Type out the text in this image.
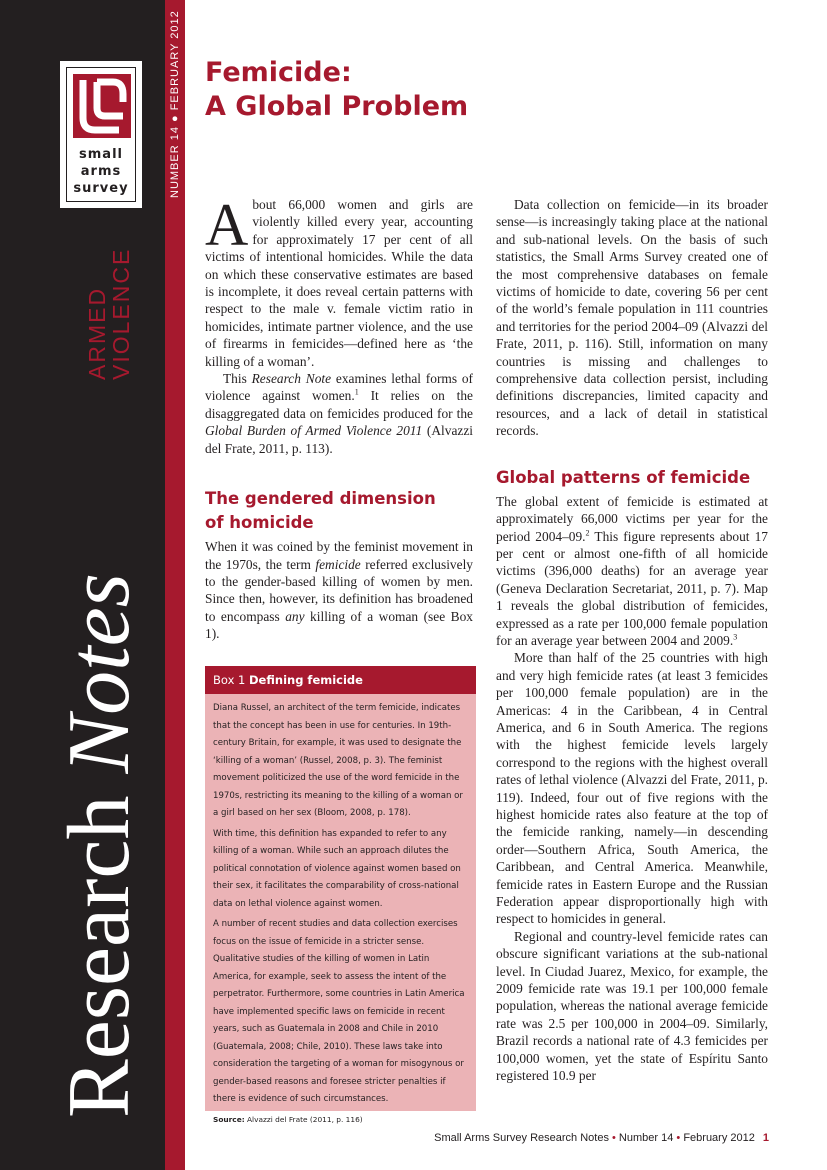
small
arms
survey
Research Notes
ARMED
VIOLENCE
NUMBER 14 ● FEBRUARY 2012 Femicide:
A Global Problem

About 66,000 women and girls are violently killed every year, accounting for approximately 17 per cent of all victims of intentional homicides. While the data on which these conservative estimates are based is incomplete, it does reveal certain patterns with respect to the male v. female victim ratio in homicides, intimate partner violence, and the use of firearms in femicides—defined here as ‘the killing of a woman’.

This Research Note examines lethal forms of violence against women.$^1$ It relies on the disaggregated data on femicides produced for the Global Burden of Armed Violence 2011 (Alvazzi del Frate, 2011, p. 113).

The gendered dimension
of homicide

When it was coined by the feminist movement in the 1970s, the term femicide referred exclusively to the gender-based killing of women by men. Since then, however, its definition has broadened to encompass any killing of a woman (see Box 1).

Box 1 Defining femicide

Diana Russel, an architect of the term femicide, indicates that the concept has been in use for centuries. In 19th-century Britain, for example, it was used to designate the ‘killing of a woman’ (Russel, 2008, p. 3). The feminist movement politicized the use of the word femicide in the 1970s, restricting its meaning to the killing of a woman or a girl based on her sex (Bloom, 2008, p. 178).

With time, this definition has expanded to refer to any killing of a woman. While such an approach dilutes the political connotation of violence against women based on their sex, it facilitates the comparability of cross-national data on lethal violence against women.

A number of recent studies and data collection exercises focus on the issue of femicide in a stricter sense. Qualitative studies of the killing of women in Latin America, for example, seek to assess the intent of the perpetrator. Furthermore, some countries in Latin America have implemented specific laws on femicide in recent years, such as Guatemala in 2008 and Chile in 2010 (Guatemala, 2008; Chile, 2010). These laws take into consideration the targeting of a woman for misogynous or gender-based reasons and foresee stricter penalties if there is evidence of such circumstances.

Source: Alvazzi del Frate (2011, p. 116)

Data collection on femicide—in its broader sense—is increasingly taking place at the national and sub-national levels. On the basis of such statistics, the Small Arms Survey created one of the most comprehensive databases on female victims of homicide to date, covering 56 per cent of the world’s female population in 111 countries and territories for the period 2004–09 (Alvazzi del Frate, 2011, p. 116). Still, information on many countries is missing and challenges to comprehensive data collection persist, including definitions discrepancies, limited capacity and resources, and a lack of detail in statistical records.

Global patterns of femicide

The global extent of femicide is estimated at approximately 66,000 victims per year for the period 2004–09.$^2$ This figure represents about 17 per cent or almost one-fifth of all homicide victims (396,000 deaths) for an average year (Geneva Declaration Secretariat, 2011, p. 7). Map 1 reveals the global distribution of femicides, expressed as a rate per 100,000 female population for an average year between 2004 and 2009.$^3$

More than half of the 25 countries with high and very high femicide rates (at least 3 femicides per 100,000 female population) are in the Americas: 4 in the Caribbean, 4 in Central America, and 6 in South America. The regions with the highest femicide levels largely correspond to the regions with the highest overall rates of lethal violence (Alvazzi del Frate, 2011, p. 119). Indeed, four out of five regions with the highest homicide rates also feature at the top of the femicide ranking, namely—in descending order—Southern Africa, South America, the Caribbean, and Central America. Meanwhile, femicide rates in Eastern Europe and the Russian Federation appear disproportionally high with respect to homicides in general.

Regional and country-level femicide rates can obscure significant variations at the sub-national level. In Ciudad Juarez, Mexico, for example, the 2009 femicide rate was 19.1 per 100,000 female population, whereas the national average femicide rate was 2.5 per 100,000 in 2004–09. Similarly, Brazil records a national rate of 4.3 femicides per 100,000 women, yet the state of Espíritu Santo registered 10.9 per

Small Arms Survey Research Notes • Number 14 • February 2012 1
